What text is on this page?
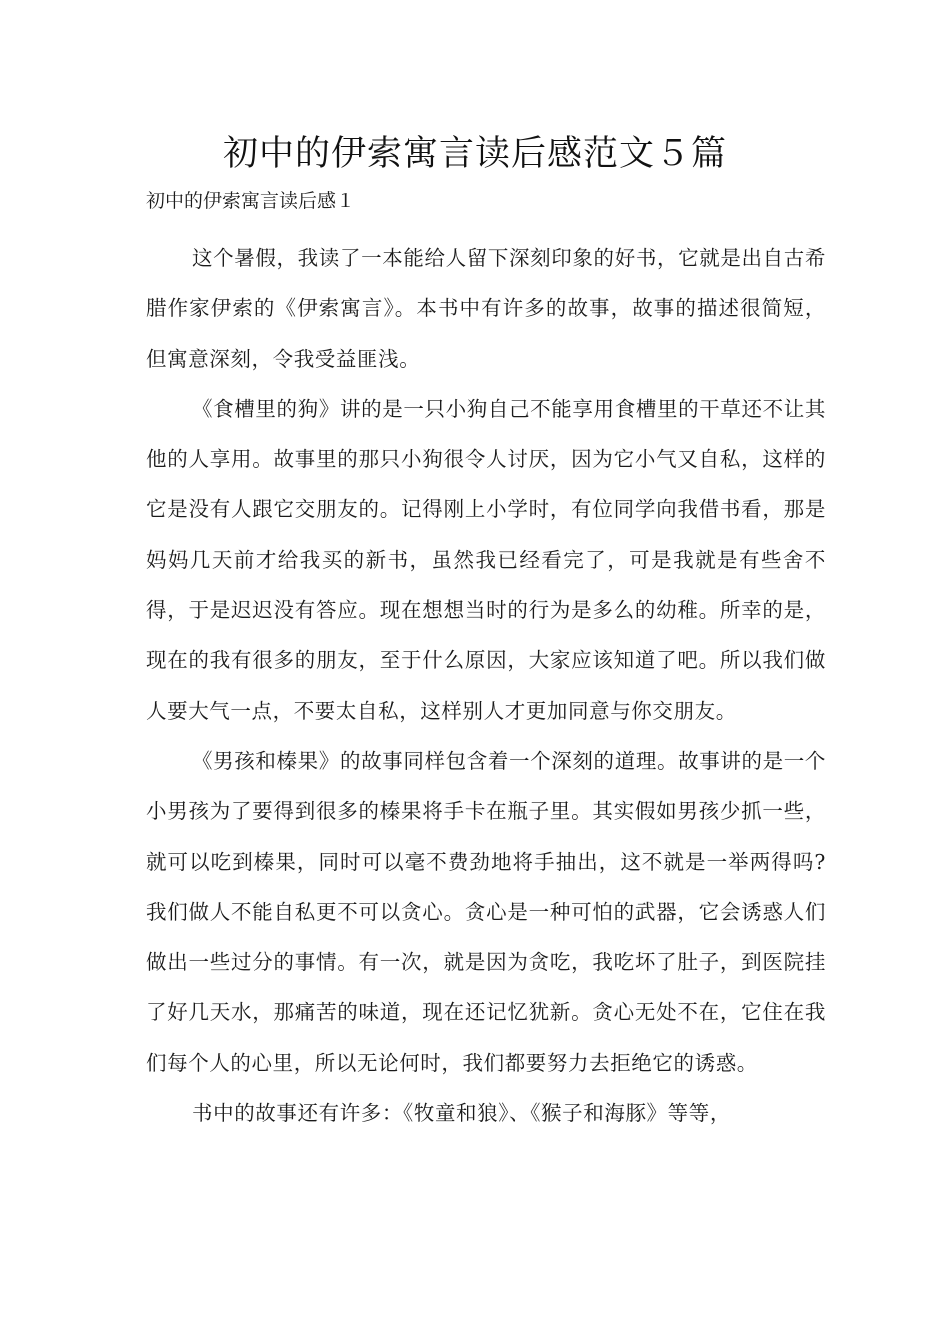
初中的伊索寓言读后感范文５篇
初中的伊索寓言读后感１

这个暑假，我读了一本能给人留下深刻印象的好书，它就是出自古希腊作家伊索的《伊索寓言》。本书中有许多的故事，故事的描述很简短，但寓意深刻，令我受益匪浅。

《食槽里的狗》讲的是一只小狗自己不能享用食槽里的干草还不让其他的人享用。故事里的那只小狗很令人讨厌，因为它小气又自私，这样的它是没有人跟它交朋友的。记得刚上小学时，有位同学向我借书看，那是妈妈几天前才给我买的新书，虽然我已经看完了，可是我就是有些舍不得，于是迟迟没有答应。现在想想当时的行为是多么的幼稚。所幸的是，现在的我有很多的朋友，至于什么原因，大家应该知道了吧。所以我们做人要大气一点，不要太自私，这样别人才更加同意与你交朋友。

《男孩和榛果》的故事同样包含着一个深刻的道理。故事讲的是一个小男孩为了要得到很多的榛果将手卡在瓶子里。其实假如男孩少抓一些，就可以吃到榛果，同时可以毫不费劲地将手抽出，这不就是一举两得吗?我们做人不能自私更不可以贪心。贪心是一种可怕的武器，它会诱惑人们做出一些过分的事情。有一次，就是因为贪吃，我吃坏了肚子，到医院挂了好几天水，那痛苦的味道，现在还记忆犹新。贪心无处不在，它住在我们每个人的心里，所以无论何时，我们都要努力去拒绝它的诱惑。

书中的故事还有许多：《牧童和狼》、《猴子和海豚》等等，
